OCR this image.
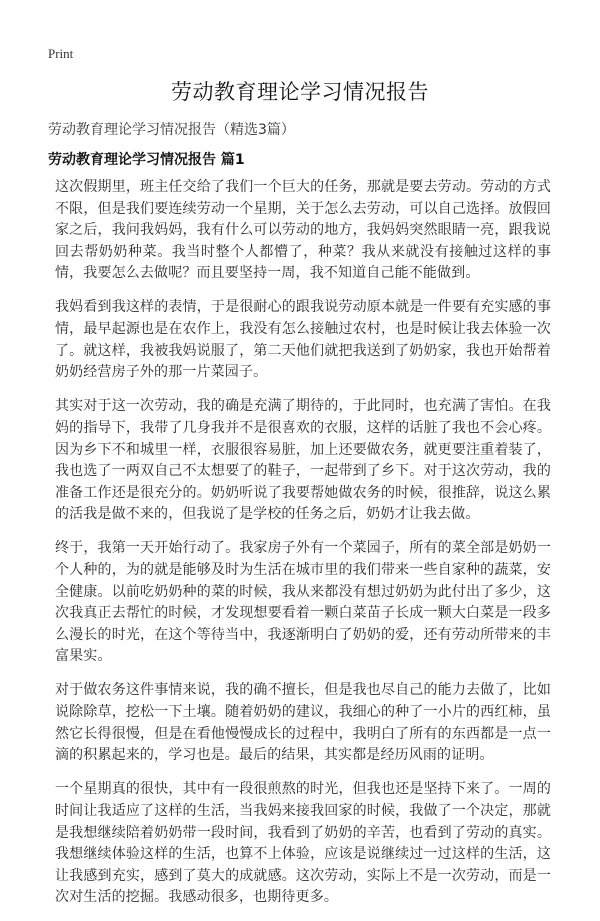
Print
劳动教育理论学习情况报告
劳动教育理论学习情况报告（精选3篇）
劳动教育理论学习情况报告 篇1

这次假期里，班主任交给了我们一个巨大的任务，那就是要去劳动。劳动的方式不限，但是我们要连续劳动一个星期，关于怎么去劳动，可以自己选择。放假回家之后，我问我妈妈，我有什么可以劳动的地方，我妈妈突然眼睛一亮，跟我说回去帮奶奶种菜。我当时整个人都懵了，种菜？我从来就没有接触过这样的事情，我要怎么去做呢？而且要坚持一周，我不知道自己能不能做到。

我妈看到我这样的表情，于是很耐心的跟我说劳动原本就是一件要有充实感的事情，最早起源也是在农作上，我没有怎么接触过农村，也是时候让我去体验一次了。就这样，我被我妈说服了，第二天他们就把我送到了奶奶家，我也开始帮着奶奶经营房子外的那一片菜园子。

其实对于这一次劳动，我的确是充满了期待的，于此同时，也充满了害怕。在我妈的指导下，我带了几身我并不是很喜欢的衣服，这样的话脏了我也不会心疼。因为乡下不和城里一样，衣服很容易脏，加上还要做农务，就更要注重着装了，我也选了一两双自己不太想要了的鞋子，一起带到了乡下。对于这次劳动，我的准备工作还是很充分的。奶奶听说了我要帮她做农务的时候，很推辞，说这么累的活我是做不来的，但我说了是学校的任务之后，奶奶才让我去做。

终于，我第一天开始行动了。我家房子外有一个菜园子，所有的菜全部是奶奶一个人种的，为的就是能够及时为生活在城市里的我们带来一些自家种的蔬菜，安全健康。以前吃奶奶种的菜的时候，我从来都没有想过奶奶为此付出了多少，这次我真正去帮忙的时候，才发现想要看着一颗白菜苗子长成一颗大白菜是一段多么漫长的时光，在这个等待当中，我逐渐明白了奶奶的爱，还有劳动所带来的丰富果实。

对于做农务这件事情来说，我的确不擅长，但是我也尽自己的能力去做了，比如说除除草，挖松一下土壤。随着奶奶的建议，我细心的种了一小片的西红柿，虽然它长得很慢，但是在看他慢慢成长的过程中，我明白了所有的东西都是一点一滴的积累起来的，学习也是。最后的结果，其实都是经历风雨的证明。

一个星期真的很快，其中有一段很煎熬的时光，但我也还是坚持下来了。一周的时间让我适应了这样的生活，当我妈来接我回家的时候，我做了一个决定，那就是我想继续陪着奶奶带一段时间，我看到了奶奶的辛苦，也看到了劳动的真实。我想继续体验这样的生活，也算不上体验，应该是说继续过一过这样的生活，这让我感到充实，感到了莫大的成就感。这次劳动，实际上不是一次劳动，而是一次对生活的挖掘。我感动很多，也期待更多。
